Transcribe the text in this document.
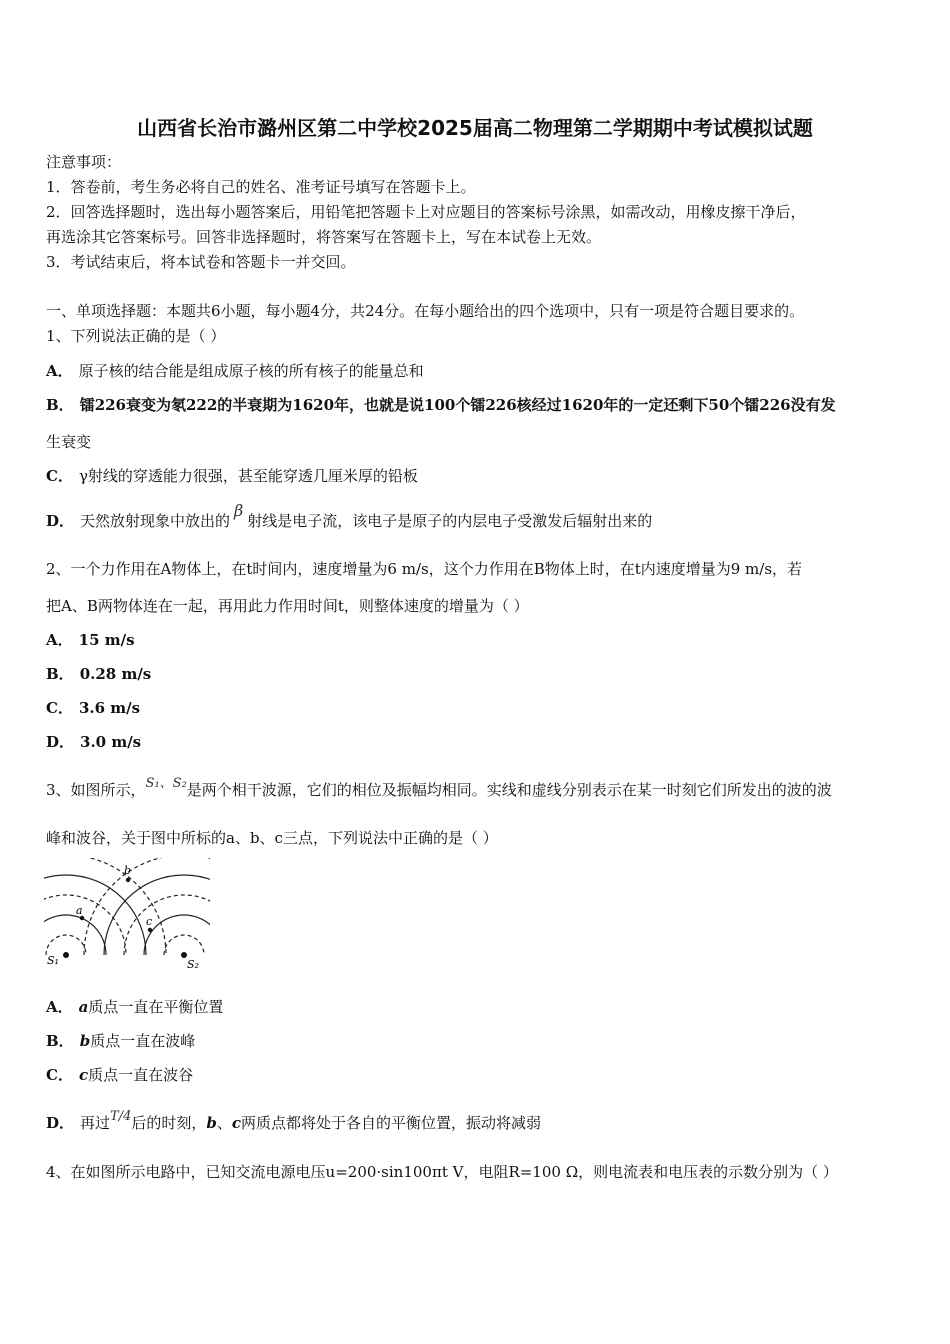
山西省长治市潞州区第二中学校2025届高二物理第二学期期中考试模拟试题
注意事项：
1．答卷前，考生务必将自己的姓名、准考证号填写在答题卡上。
2．回答选择题时，选出每小题答案后，用铅笔把答题卡上对应题目的答案标号涂黑，如需改动，用橡皮擦干净后，
再选涂其它答案标号。回答非选择题时，将答案写在答题卡上，写在本试卷上无效。
3．考试结束后，将本试卷和答题卡一并交回。
一、单项选择题：本题共6小题，每小题4分，共24分。在每小题给出的四个选项中，只有一项是符合题目要求的。
1、下列说法正确的是（ ）
A． 原子核的结合能是组成原子核的所有核子的能量总和
B． 镭226衰变为氡222的半衰期为1620年，也就是说100个镭226核经过1620年的一定还剩下50个镭226没有发
生衰变
C． γ射线的穿透能力很强，甚至能穿透几厘米厚的铅板
D． 天然放射现象中放出的β射线是电子流，该电子是原子的内层电子受激发后辐射出来的
2、一个力作用在A物体上，在t时间内，速度增量为6 m/s，这个力作用在B物体上时，在t内速度增量为9 m/s，若
把A、B两物体连在一起，再用此力作用时间t，则整体速度的增量为（ ）
A． 15 m/s
B． 0.28 m/s
C． 3.6 m/s
D． 3.0 m/s
3、如图所示，S₁、S₂是两个相干波源，它们的相位及振幅均相同。实线和虚线分别表示在某一时刻它们所发出的波的波
峰和波谷，关于图中所标的a、b、c三点，下列说法中正确的是（ ）
a
b
c
S₁	S₂
A． a质点一直在平衡位置
B． b质点一直在波峰
C． c质点一直在波谷
D． 再过T/4后的时刻，b、c两质点都将处于各自的平衡位置，振动将减弱
4、在如图所示电路中，已知交流电源电压u=200·sin100πt V，电阻R=100 Ω，则电流表和电压表的示数分别为（ ）
